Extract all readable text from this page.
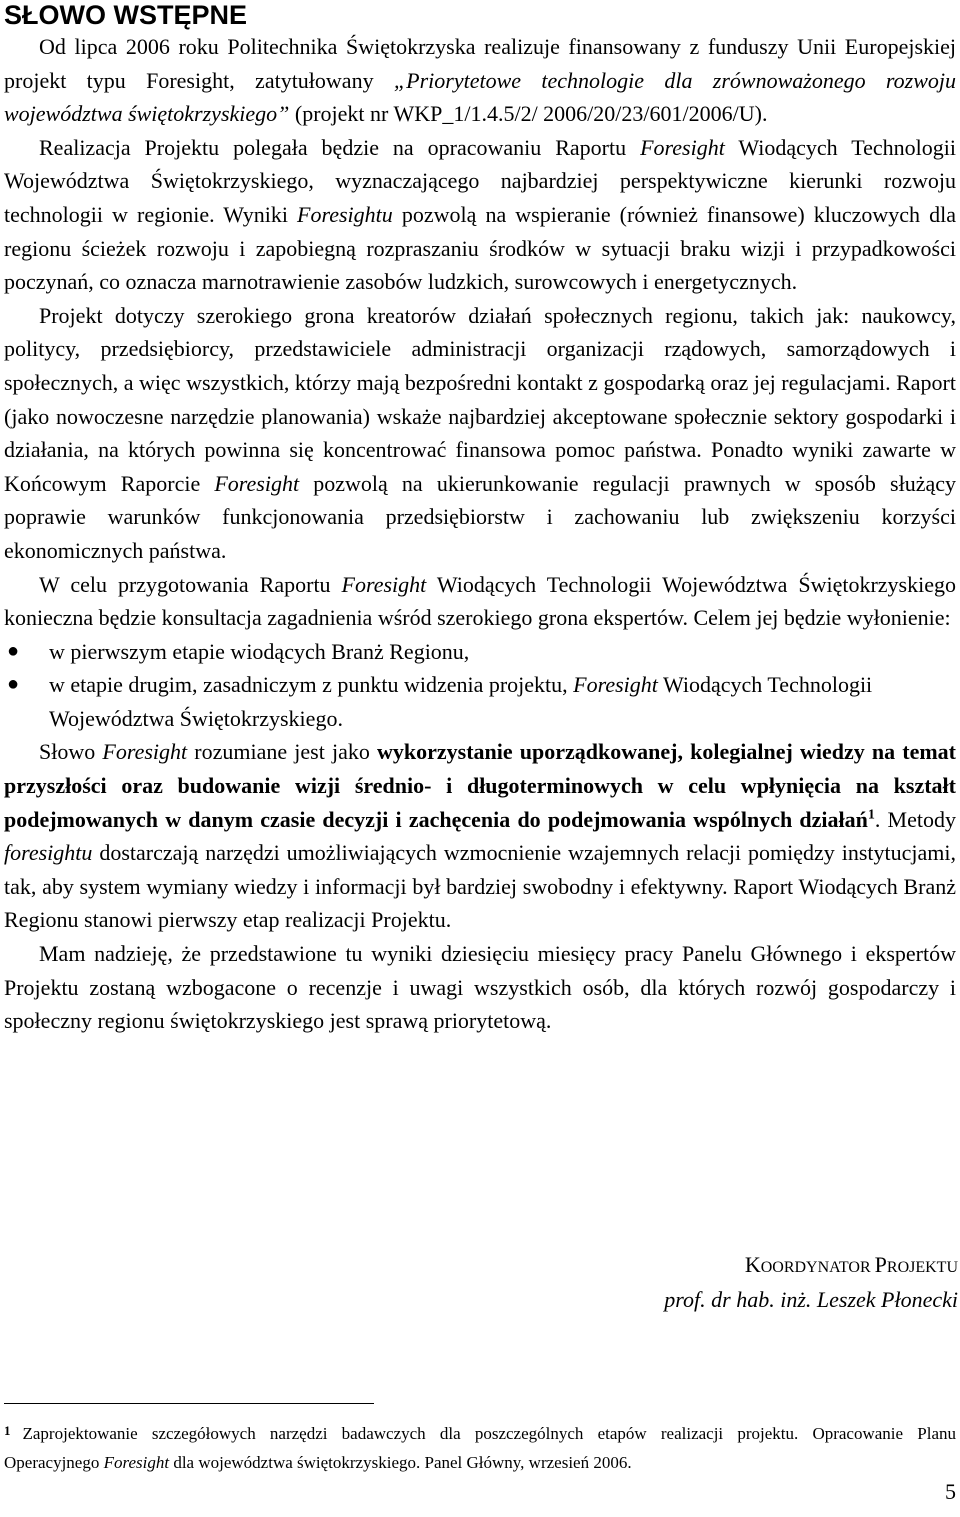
SŁOWO WSTĘPNE

Od lipca 2006 roku Politechnika Świętokrzyska realizuje finansowany z funduszy Unii Europejskiej projekt typu Foresight, zatytułowany „Priorytetowe technologie dla zrównoważonego rozwoju województwa świętokrzyskiego” (projekt nr WKP_1/1.4.5/2/ 2006/20/23/601/2006/U).

Realizacja Projektu polegała będzie na opracowaniu Raportu Foresight Wiodących Technologii Województwa Świętokrzyskiego, wyznaczającego najbardziej perspektywiczne kierunki rozwoju technologii w regionie. Wyniki Foresightu pozwolą na wspieranie (również finansowe) kluczowych dla regionu ścieżek rozwoju i zapobiegną rozpraszaniu środków w sytuacji braku wizji i przypadkowości poczynań, co oznacza marnotrawienie zasobów ludzkich, surowcowych i energetycznych.

Projekt dotyczy szerokiego grona kreatorów działań społecznych regionu, takich jak: naukowcy, politycy, przedsiębiorcy, przedstawiciele administracji organizacji rządowych, samorządowych i społecznych, a więc wszystkich, którzy mają bezpośredni kontakt z gospodarką oraz jej regulacjami. Raport (jako nowoczesne narzędzie planowania) wskaże najbardziej akceptowane społecznie sektory gospodarki i działania, na których powinna się koncentrować finansowa pomoc państwa. Ponadto wyniki zawarte w Końcowym Raporcie Foresight pozwolą na ukierunkowanie regulacji prawnych w sposób służący poprawie warunków funkcjonowania przedsiębiorstw i zachowaniu lub zwiększeniu korzyści ekonomicznych państwa.

W celu przygotowania Raportu Foresight Wiodących Technologii Województwa Świętokrzyskiego konieczna będzie konsultacja zagadnienia wśród szerokiego grona ekspertów. Celem jej będzie wyłonienie:

● w pierwszym etapie wiodących Branż Regionu,
● w etapie drugim, zasadniczym z punktu widzenia projektu, Foresight Wiodących Technologii Województwa Świętokrzyskiego.

Słowo Foresight rozumiane jest jako wykorzystanie uporządkowanej, kolegialnej wiedzy na temat przyszłości oraz budowanie wizji średnio- i długoterminowych w celu wpłynięcia na kształt podejmowanych w danym czasie decyzji i zachęcenia do podejmowania wspólnych działań$^1$. Metody foresightu dostarczają narzędzi umożliwiających wzmocnienie wzajemnych relacji pomiędzy instytucjami, tak, aby system wymiany wiedzy i informacji był bardziej swobodny i efektywny. Raport Wiodących Branż Regionu stanowi pierwszy etap realizacji Projektu.

Mam nadzieję, że przedstawione tu wyniki dziesięciu miesięcy pracy Panelu Głównego i ekspertów Projektu zostaną wzbogacone o recenzje i uwagi wszystkich osób, dla których rozwój gospodarczy i społeczny regionu świętokrzyskiego jest sprawą priorytetową.

KOORDYNATOR PROJEKTU
prof. dr hab. inż. Leszek Płonecki
$^1$ Zaprojektowanie szczegółowych narzędzi badawczych dla poszczególnych etapów realizacji projektu. Opracowanie Planu Operacyjnego Foresight dla województwa świętokrzyskiego. Panel Główny, wrzesień 2006.
5
